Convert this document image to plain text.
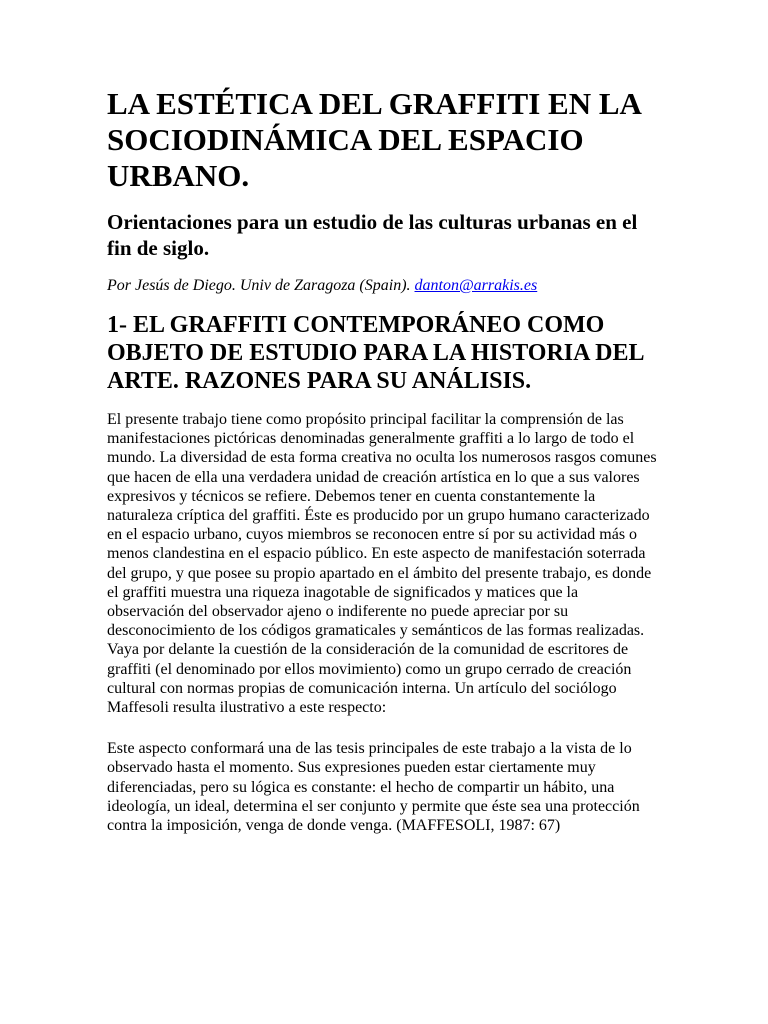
LA ESTÉTICA DEL GRAFFITI EN LA SOCIODINÁMICA DEL ESPACIO URBANO.
Orientaciones para un estudio de las culturas urbanas en el fin de siglo.

Por Jesús de Diego. Univ de Zaragoza (Spain). danton@arrakis.es

1- EL GRAFFITI CONTEMPORÁNEO COMO OBJETO DE ESTUDIO PARA LA HISTORIA DEL ARTE. RAZONES PARA SU ANÁLISIS.

El presente trabajo tiene como propósito principal facilitar la comprensión de las manifestaciones pictóricas denominadas generalmente graffiti a lo largo de todo el mundo. La diversidad de esta forma creativa no oculta los numerosos rasgos comunes que hacen de ella una verdadera unidad de creación artística en lo que a sus valores expresivos y técnicos se refiere. Debemos tener en cuenta constantemente la naturaleza críptica del graffiti. Éste es producido por un grupo humano caracterizado en el espacio urbano, cuyos miembros se reconocen entre sí por su actividad más o menos clandestina en el espacio público. En este aspecto de manifestación soterrada del grupo, y que posee su propio apartado en el ámbito del presente trabajo, es donde el graffiti muestra una riqueza inagotable de significados y matices que la observación del observador ajeno o indiferente no puede apreciar por su desconocimiento de los códigos gramaticales y semánticos de las formas realizadas. Vaya por delante la cuestión de la consideración de la comunidad de escritores de graffiti (el denominado por ellos movimiento) como un grupo cerrado de creación cultural con normas propias de comunicación interna. Un artículo del sociólogo Maffesoli resulta ilustrativo a este respecto:

Este aspecto conformará una de las tesis principales de este trabajo a la vista de lo observado hasta el momento. Sus expresiones pueden estar ciertamente muy diferenciadas, pero su lógica es constante: el hecho de compartir un hábito, una ideología, un ideal, determina el ser conjunto y permite que éste sea una protección contra la imposición, venga de donde venga. (MAFFESOLI, 1987: 67)
